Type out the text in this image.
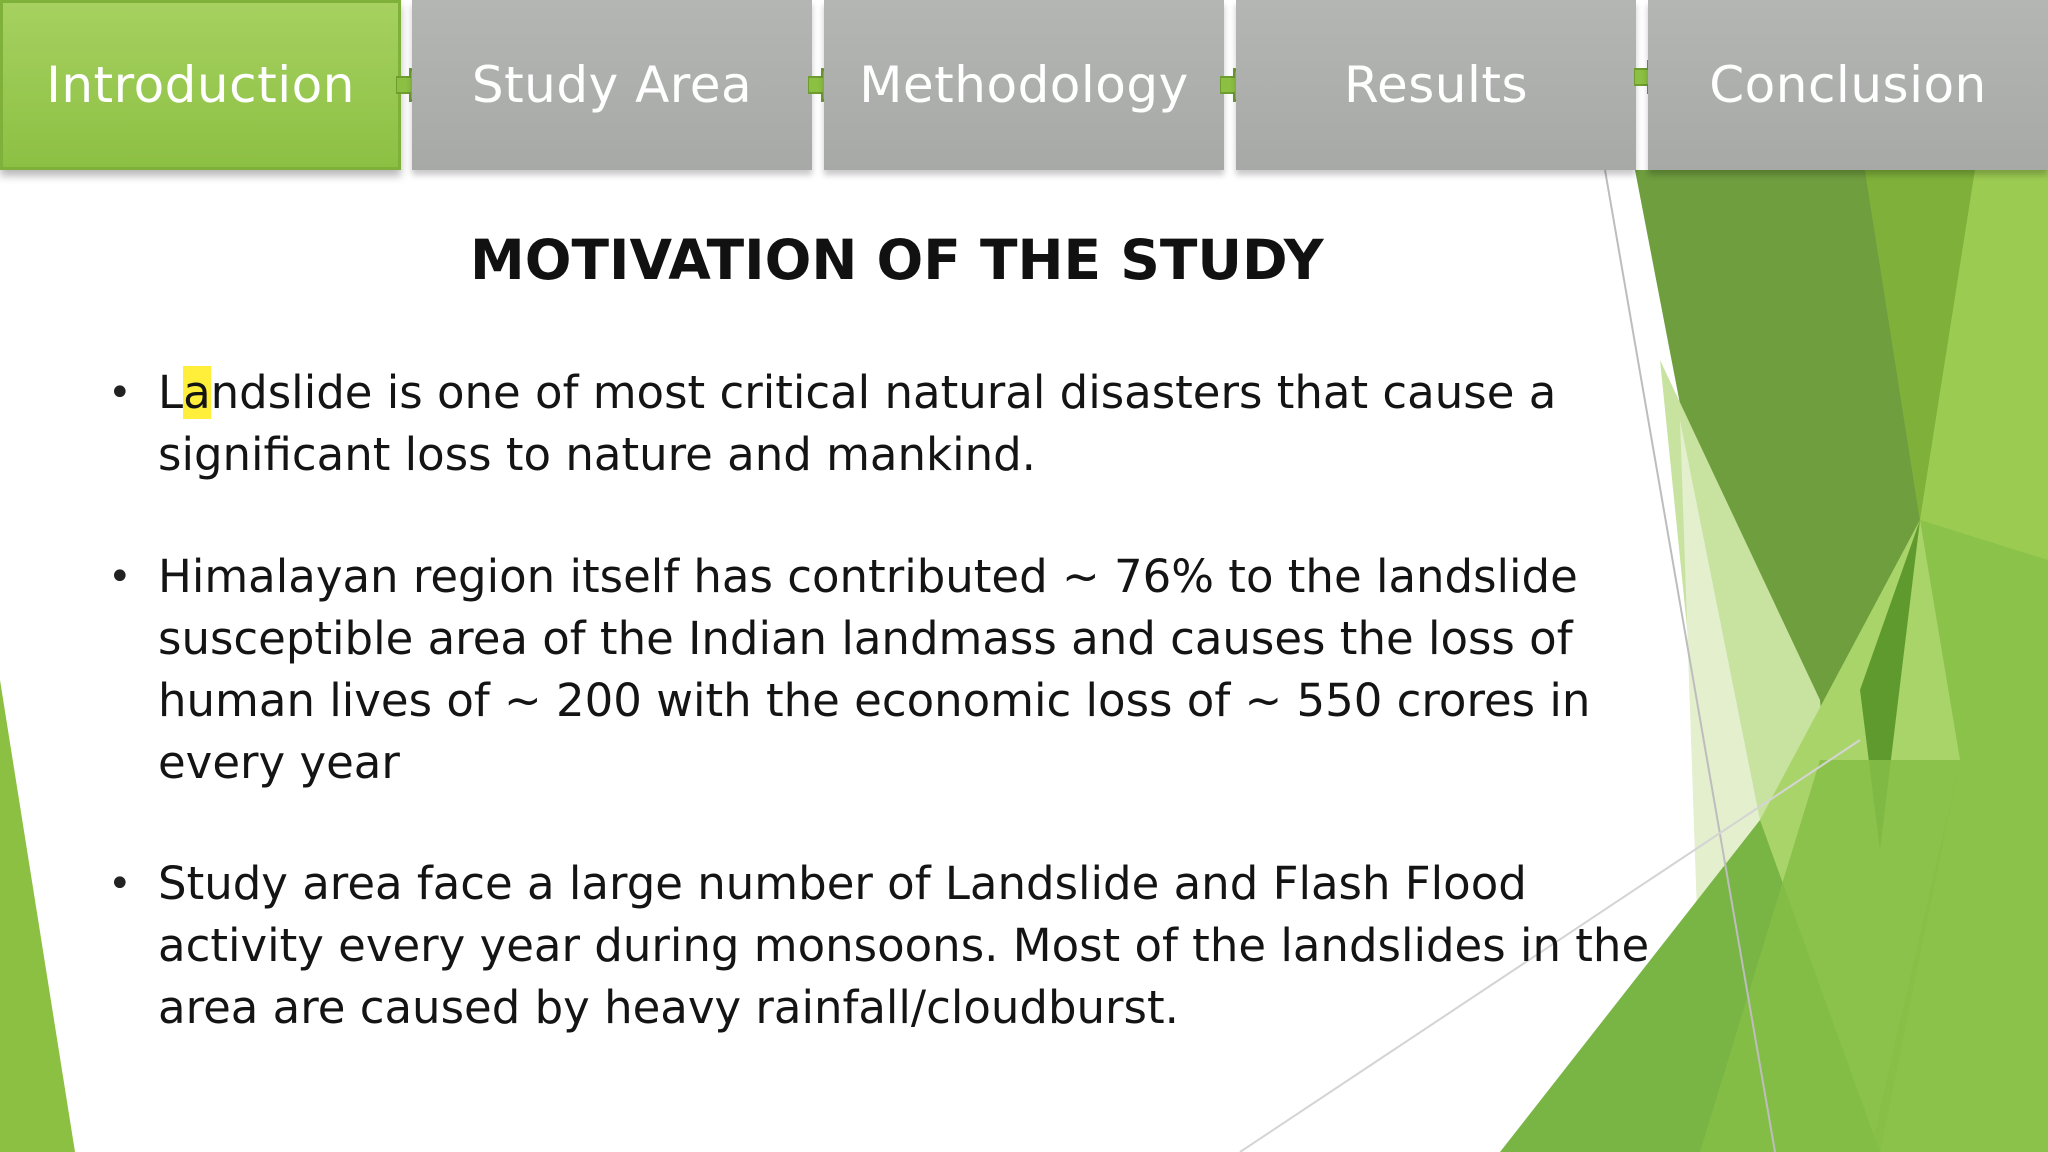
Introduction Study Area Methodology	Results	Conclusion
MOTIVATION OF THE STUDY
• Landslide is one of most critical natural disasters that cause a significant loss to nature and mankind.

• Himalayan region itself has contributed ~ 76% to the landslide susceptible area of the Indian landmass and causes the loss of human lives of ~ 200 with the economic loss of ~ 550 crores in every year

• Study area face a large number of Landslide and Flash Flood activity every year during monsoons. Most of the landslides in the area are caused by heavy rainfall/cloudburst.
